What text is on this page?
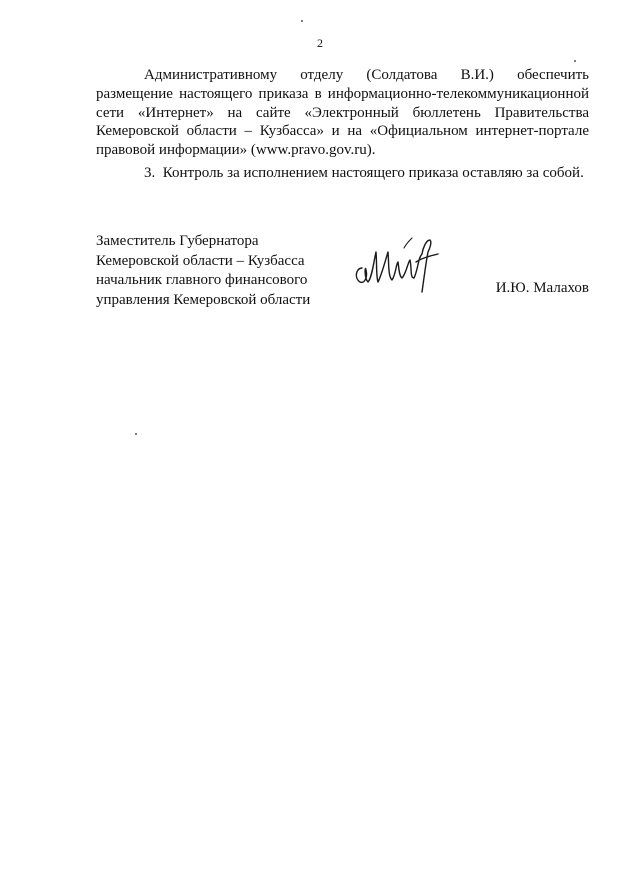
2

Административному отделу (Солдатова В.И.) обеспечить размещение настоящего приказа в информационно-телекоммуникационной сети «Интернет» на сайте «Электронный бюллетень Правительства Кемеровской области – Кузбасса» и на «Официальном интернет-портале правовой информации» (www.pravo.gov.ru).

3. Контроль за исполнением настоящего приказа оставляю за собой.

Заместитель Губернатора
Кемеровской области – Кузбасса
начальник главного финансового
управления Кемеровской области
И.Ю. Малахов
